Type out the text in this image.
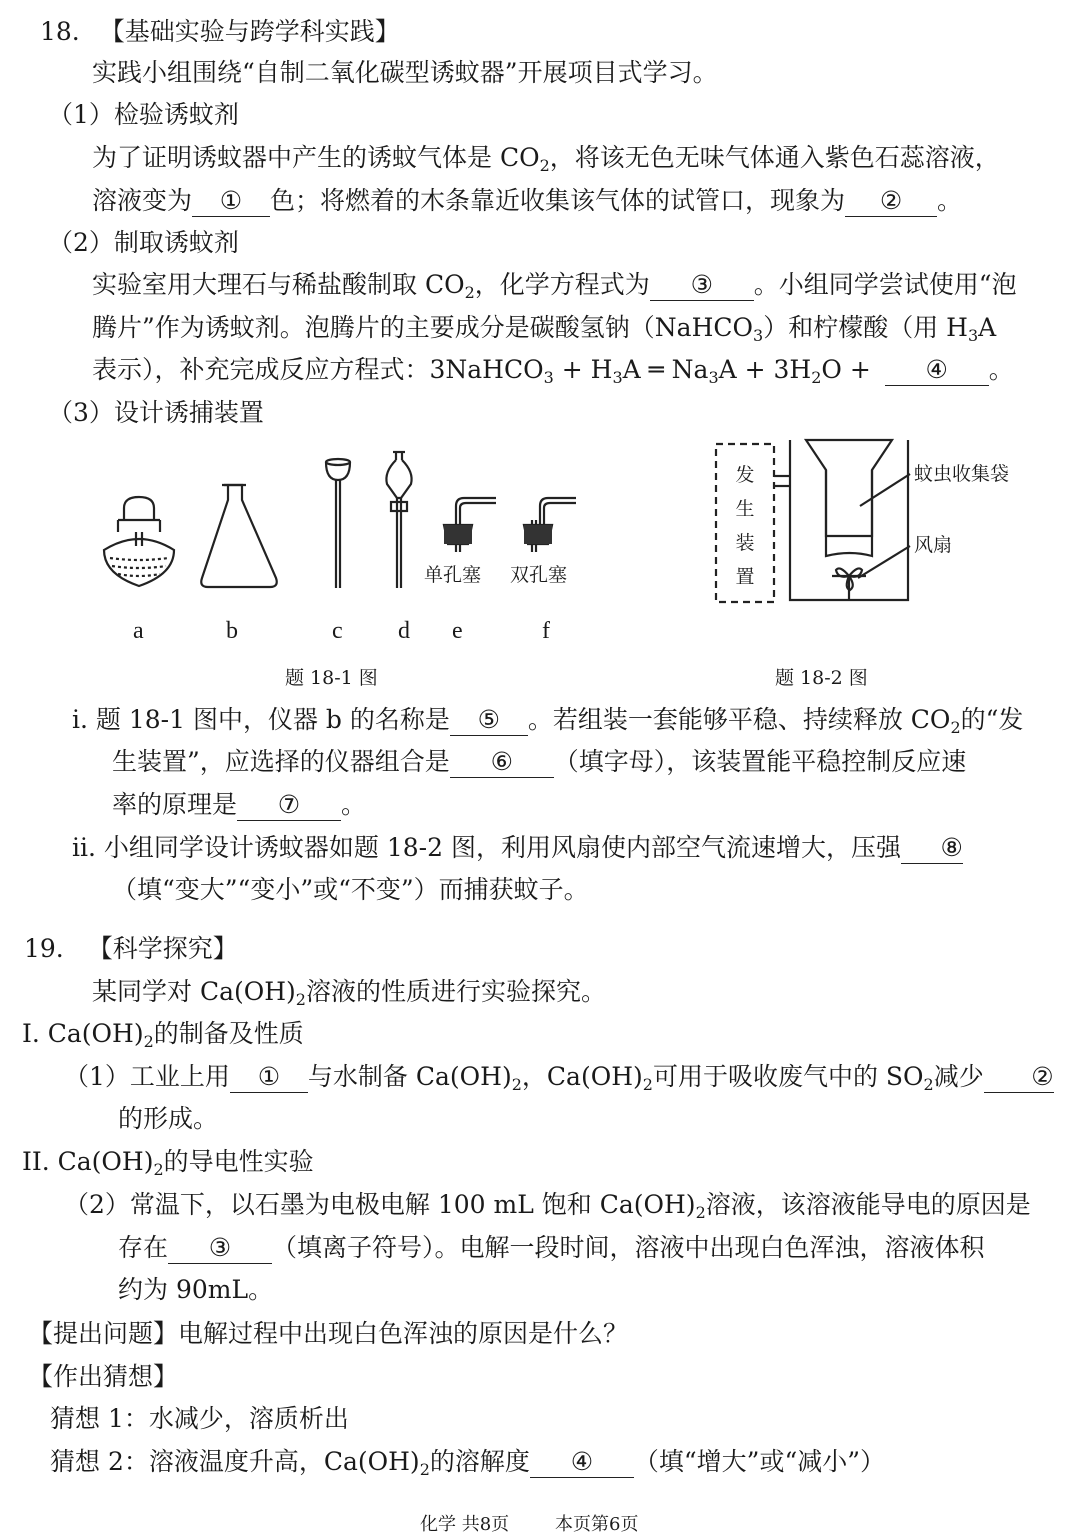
18. 【基础实验与跨学科实践】
实践小组围绕“自制二氧化碳型诱蚊器”开展项目式学习。
（1）检验诱蚊剂
为了证明诱蚊器中产生的诱蚊气体是 $CO_2$，将该无色无味气体通入紫色石蕊溶液，
溶液变为 ① 色；将燃着的木条靠近收集该气体的试管口，现象为 ② 。
（2）制取诱蚊剂
实验室用大理石与稀盐酸制取 $CO_2$，化学方程式为 ③ 。小组同学尝试使用“泡
腾片”作为诱蚊剂。泡腾片的主要成分是碳酸氢钠（NaHCO$_3$）和柠檬酸（用 $H_3A$
表示），补充完成反应方程式：3NaHCO$_3$ + $H_3A$ ═ $Na_3A + 3H_2O$ + ④ 。
（3）设计诱捕装置
单孔塞 双孔塞
a	b	c d e	f
题 18-1 图
发
生
装
置
蚊虫收集袋
风扇
题 18-2 图
i. 题 18-1 图中，仪器 b 的名称是 ⑤ 。若组装一套能够平稳、持续释放 $CO_2$的“发
生装置”，应选择的仪器组合是 ⑥ （填字母），该装置能平稳控制反应速
率的原理是 ⑦ 。
ii. 小组同学设计诱蚊器如题 18-2 图，利用风扇使内部空气流速增大，压强 ⑧
（填“变大”“变小”或“不变”）而捕获蚊子。
19. 【科学探究】
某同学对 $Ca(OH)_2$溶液的性质进行实验探究。
I. $Ca(OH)_2$的制备及性质
（1）工业上用 ① 与水制备 $Ca(OH)_2$，$Ca(OH)_2$可用于吸收废气中的 $SO_2$减少 ②
的形成。
II. $Ca(OH)_2$的导电性实验
（2）常温下，以石墨为电极电解 100 mL 饱和 $Ca(OH)_2$溶液，该溶液能导电的原因是
存在 ③ （填离子符号）。电解一段时间，溶液中出现白色浑浊，溶液体积
约为 90mL。
【提出问题】电解过程中出现白色浑浊的原因是什么？
【作出猜想】
猜想 1：水减少，溶质析出
猜想 2：溶液温度升高，$Ca(OH)_2$的溶解度 ④ （填“增大”或“减小”）
化学 共8页	本页第6页
